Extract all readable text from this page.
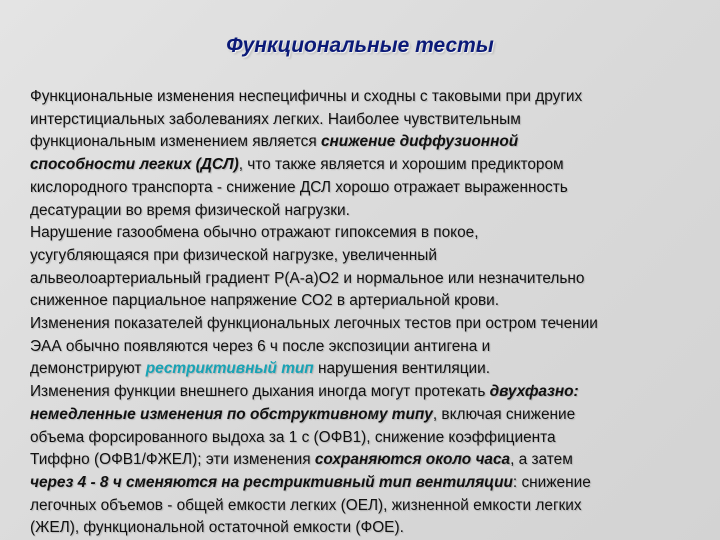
Функциональные тесты
Функциональные изменения неспецифичны и сходны с таковыми при других
интерстициальных заболеваниях легких. Наиболее чувствительным
функциональным изменением является снижение диффузионной
способности легких (ДСЛ), что также является и хорошим предиктором
кислородного транспорта - снижение ДСЛ хорошо отражает выраженность
десатурации во время физической нагрузки.
Нарушение газообмена обычно отражают гипоксемия в покое,
усугубляющаяся при физической нагрузке, увеличенный
альвеолоартериальный градиент Р(А-а)О2 и нормальное или незначительно
сниженное парциальное напряжение СО2 в артериальной крови.
Изменения показателей функциональных легочных тестов при остром течении
ЭАА обычно появляются через 6 ч после экспозиции антигена и
демонстрируют рестриктивный тип нарушения вентиляции.
Изменения функции внешнего дыхания иногда могут протекать двухфазно:
немедленные изменения по обструктивному типу, включая снижение
объема форсированного выдоха за 1 с (ОФВ1), снижение коэффициента
Тиффно (ОФВ1/ФЖЕЛ); эти изменения сохраняются около часа, а затем
через 4 - 8 ч сменяются на рестриктивный тип вентиляции: снижение
легочных объемов - общей емкости легких (ОЕЛ), жизненной емкости легких
(ЖЕЛ), функциональной остаточной емкости (ФОЕ).
